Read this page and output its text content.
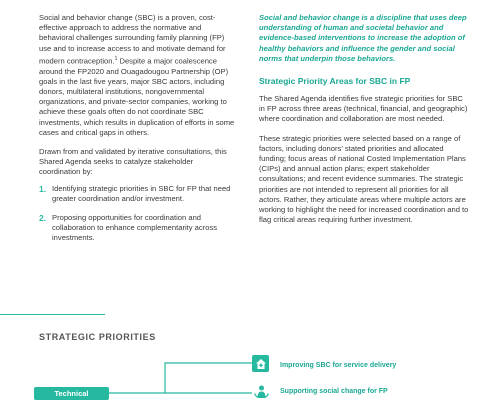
Social and behavior change (SBC) is a proven, cost-effective approach to address the normative and behavioral challenges surrounding family planning (FP) use and to increase access to and motivate demand for modern contraception.$^1$ Despite a major coalescence around the FP2020 and Ouagadougou Partnership (OP) goals in the last five years, major SBC actors, including donors, multilateral institutions, nongovernmental organizations, and private-sector companies, working to achieve these goals often do not coordinate SBC investments, which results in duplication of efforts in some cases and critical gaps in others.

Drawn from and validated by iterative consultations, this Shared Agenda seeks to catalyze stakeholder coordination by:

1. Identifying strategic priorities in SBC for FP that need greater coordination and/or investment.
2. Proposing opportunities for coordination and collaboration to enhance complementarity across investments.

Social and behavior change is a discipline that uses deep understanding of human and societal behavior and evidence-based interventions to increase the adoption of healthy behaviors and influence the gender and social norms that underpin those behaviors.

Strategic Priority Areas for SBC in FP

The Shared Agenda identifies five strategic priorities for SBC in FP across three areas (technical, financial, and geographic) where coordination and collaboration are most needed.

These strategic priorities were selected based on a range of factors, including donors’ stated priorities and allocated funding; focus areas of national Costed Implementation Plans (CIPs) and annual action plans; expert stakeholder consultations; and recent evidence summaries. The strategic priorities are not intended to represent all priorities for all actors. Rather, they articulate areas where multiple actors are working to highlight the need for increased coordination and to flag critical areas requiring further investment.

STRATEGIC PRIORITIES
Technical
Improving SBC for service delivery
Supporting social change for FP
